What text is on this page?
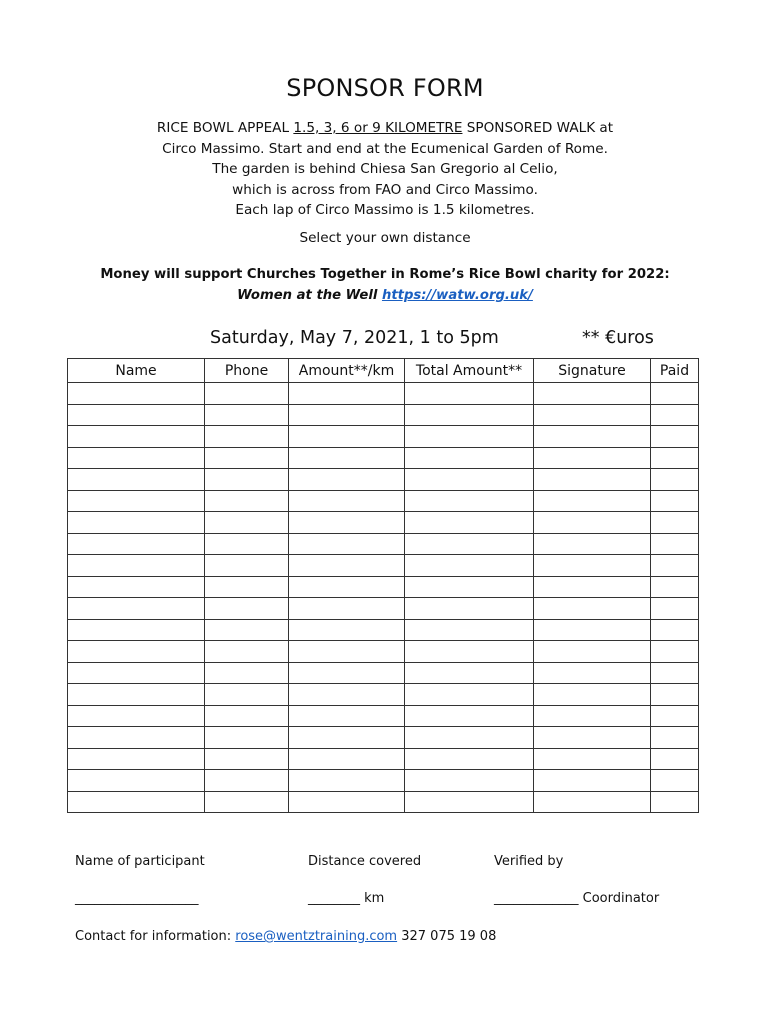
SPONSOR FORM
RICE BOWL APPEAL 1.5, 3, 6 or 9 KILOMETRE SPONSORED WALK at
Circo Massimo. Start and end at the Ecumenical Garden of Rome.
The garden is behind Chiesa San Gregorio al Celio,
which is across from FAO and Circo Massimo.
Each lap of Circo Massimo is 1.5 kilometres.
Select your own distance
Money will support Churches Together in Rome’s Rice Bowl charity for 2022:
Women at the Well https://watw.org.uk/
Saturday, May 7, 2021, 1 to 5pm	** €uros
Name	Phone	Amount**/km	Total Amount**	Signature	Paid

Name of participant	Distance covered	Verified by
___________________	________ km	_____________ Coordinator
Contact for information: rose@wentztraining.com 327 075 19 08
